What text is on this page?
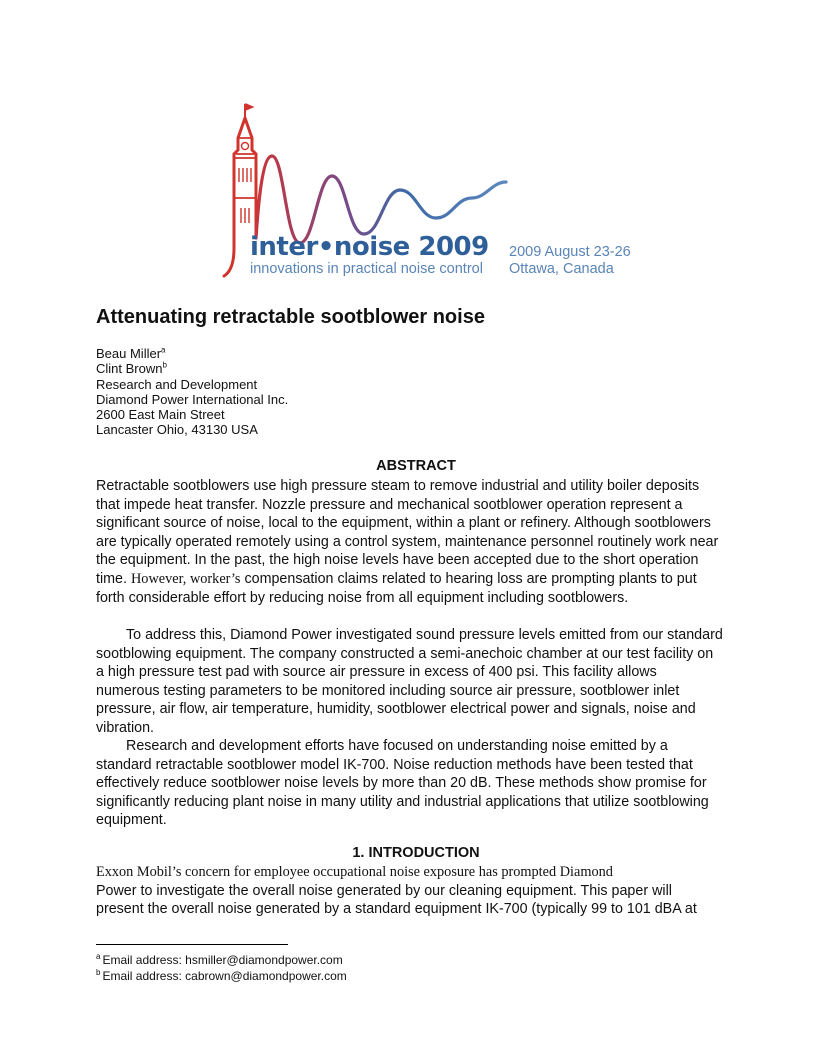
inter•noise 2009
innovations in practical noise control
2009 August 23-26
Ottawa, Canada
Attenuating retractable sootblower noise
Beau Miller$^a$
Clint Brown$^b$
Research and Development
Diamond Power International Inc.
2600 East Main Street
Lancaster Ohio, 43130 USA
ABSTRACT

Retractable sootblowers use high pressure steam to remove industrial and utility boiler deposits that impede heat transfer. Nozzle pressure and mechanical sootblower operation represent a significant source of noise, local to the equipment, within a plant or refinery. Although sootblowers are typically operated remotely using a control system, maintenance personnel routinely work near the equipment. In the past, the high noise levels have been accepted due to the short operation time. However, worker’s compensation claims related to hearing loss are prompting plants to put forth considerable effort by reducing noise from all equipment including sootblowers.

To address this, Diamond Power investigated sound pressure levels emitted from our standard sootblowing equipment. The company constructed a semi-anechoic chamber at our test facility on a high pressure test pad with source air pressure in excess of 400 psi. This facility allows numerous testing parameters to be monitored including source air pressure, sootblower inlet pressure, air flow, air temperature, humidity, sootblower electrical power and signals, noise and vibration.

Research and development efforts have focused on understanding noise emitted by a standard retractable sootblower model IK-700. Noise reduction methods have been tested that effectively reduce sootblower noise levels by more than 20 dB. These methods show promise for significantly reducing plant noise in many utility and industrial applications that utilize sootblowing equipment.

1. INTRODUCTION

Exxon Mobil’s concern for employee occupational noise exposure has prompted Diamond

Power to investigate the overall noise generated by our cleaning equipment. This paper will

present the overall noise generated by a standard equipment IK-700 (typically 99 to 101 dBA at

$^a$ Email address: hsmiller@diamondpower.com
$^b$ Email address: cabrown@diamondpower.com
